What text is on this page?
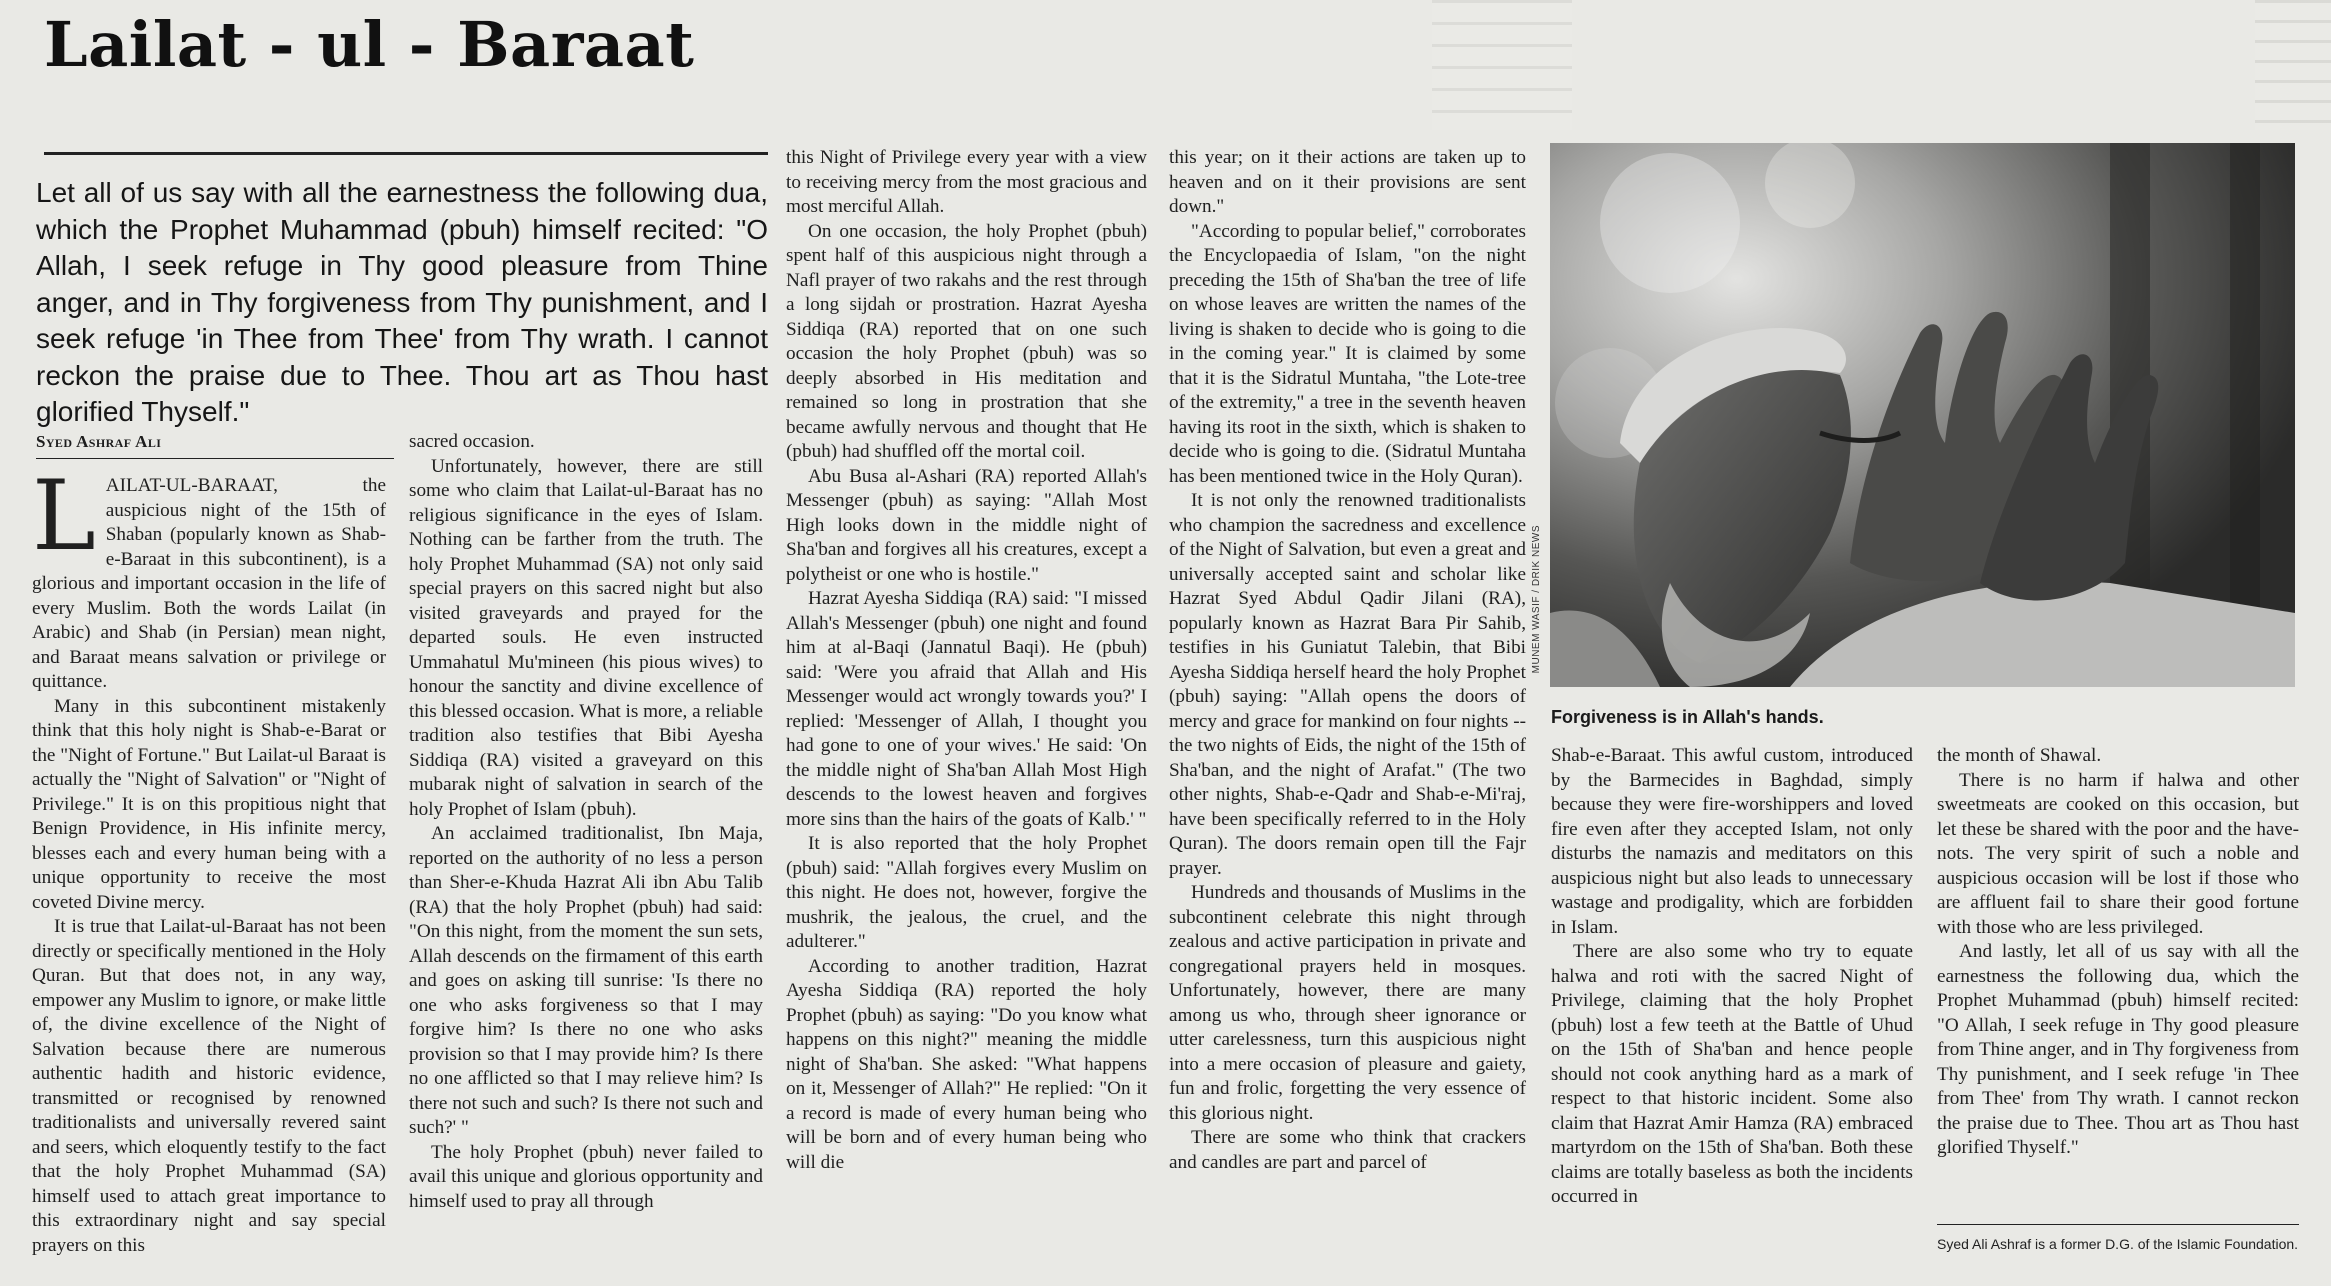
Lailat - ul - Baraat
Let all of us say with all the earnestness the following dua, which the Prophet Muhammad (pbuh) himself recited: "O Allah, I seek refuge in Thy good pleasure from Thine anger, and in Thy forgiveness from Thy punishment, and I seek refuge 'in Thee from Thee' from Thy wrath. I cannot reckon the praise due to Thee. Thou art as Thou hast glorified Thyself."
Syed Ashraf Ali

L AILAT-UL-BARAAT, the auspicious night of the 15th of Shaban (popularly known as Shab-e-Baraat in this subcontinent), is a glorious and important occasion in the life of every Muslim. Both the words Lailat (in Arabic) and Shab (in Persian) mean night, and Baraat means salvation or privilege or quittance.

Many in this subcontinent mistakenly think that this holy night is Shab-e-Barat or the "Night of Fortune." But Lailat-ul Baraat is actually the "Night of Salvation" or "Night of Privilege." It is on this propitious night that Benign Providence, in His infinite mercy, blesses each and every human being with a unique opportunity to receive the most coveted Divine mercy.

It is true that Lailat-ul-Baraat has not been directly or specifically mentioned in the Holy Quran. But that does not, in any way, empower any Muslim to ignore, or make little of, the divine excellence of the Night of Salvation because there are numerous authentic hadith and historic evidence, transmitted or recognised by renowned traditionalists and universally revered saint and seers, which eloquently testify to the fact that the holy Prophet Muhammad (SA) himself used to attach great importance to this extraordinary night and say special prayers on this

sacred occasion.

Unfortunately, however, there are still some who claim that Lailat-ul-Baraat has no religious significance in the eyes of Islam. Nothing can be farther from the truth. The holy Prophet Muhammad (SA) not only said special prayers on this sacred night but also visited graveyards and prayed for the departed souls. He even instructed Ummahatul Mu'mineen (his pious wives) to honour the sanctity and divine excellence of this blessed occasion. What is more, a reliable tradition also testifies that Bibi Ayesha Siddiqa (RA) visited a graveyard on this mubarak night of salvation in search of the holy Prophet of Islam (pbuh).

An acclaimed traditionalist, Ibn Maja, reported on the authority of no less a person than Sher-e-Khuda Hazrat Ali ibn Abu Talib (RA) that the holy Prophet (pbuh) had said: "On this night, from the moment the sun sets, Allah descends on the firmament of this earth and goes on asking till sunrise: 'Is there no one who asks forgiveness so that I may forgive him? Is there no one who asks provision so that I may provide him? Is there no one afflicted so that I may relieve him? Is there not such and such? Is there not such and such?' "

The holy Prophet (pbuh) never failed to avail this unique and glorious opportunity and himself used to pray all through

this Night of Privilege every year with a view to receiving mercy from the most gracious and most merciful Allah.

On one occasion, the holy Prophet (pbuh) spent half of this auspicious night through a Nafl prayer of two rakahs and the rest through a long sijdah or prostration. Hazrat Ayesha Siddiqa (RA) reported that on one such occasion the holy Prophet (pbuh) was so deeply absorbed in His meditation and remained so long in prostration that she became awfully nervous and thought that He (pbuh) had shuffled off the mortal coil.

Abu Busa al-Ashari (RA) reported Allah's Messenger (pbuh) as saying: "Allah Most High looks down in the middle night of Sha'ban and forgives all his creatures, except a polytheist or one who is hostile."

Hazrat Ayesha Siddiqa (RA) said: "I missed Allah's Messenger (pbuh) one night and found him at al-Baqi (Jannatul Baqi). He (pbuh) said: 'Were you afraid that Allah and His Messenger would act wrongly towards you?' I replied: 'Messenger of Allah, I thought you had gone to one of your wives.' He said: 'On the middle night of Sha'ban Allah Most High descends to the lowest heaven and forgives more sins than the hairs of the goats of Kalb.' "

It is also reported that the holy Prophet (pbuh) said: "Allah forgives every Muslim on this night. He does not, however, forgive the mushrik, the jealous, the cruel, and the adulterer."

According to another tradition, Hazrat Ayesha Siddiqa (RA) reported the holy Prophet (pbuh) as saying: "Do you know what happens on this night?" meaning the middle night of Sha'ban. She asked: "What happens on it, Messenger of Allah?" He replied: "On it a record is made of every human being who will be born and of every human being who will die

this year; on it their actions are taken up to heaven and on it their provisions are sent down."

"According to popular belief," corroborates the Encyclopaedia of Islam, "on the night preceding the 15th of Sha'ban the tree of life on whose leaves are written the names of the living is shaken to decide who is going to die in the coming year." It is claimed by some that it is the Sidratul Muntaha, "the Lote-tree of the extremity," a tree in the seventh heaven having its root in the sixth, which is shaken to decide who is going to die. (Sidratul Muntaha has been mentioned twice in the Holy Quran).

It is not only the renowned traditionalists who champion the sacredness and excellence of the Night of Salvation, but even a great and universally accepted saint and scholar like Hazrat Syed Abdul Qadir Jilani (RA), popularly known as Hazrat Bara Pir Sahib, testifies in his Guniatut Talebin, that Bibi Ayesha Siddiqa herself heard the holy Prophet (pbuh) saying: "Allah opens the doors of mercy and grace for mankind on four nights -- the two nights of Eids, the night of the 15th of Sha'ban, and the night of Arafat." (The two other nights, Shab-e-Qadr and Shab-e-Mi'raj, have been specifically referred to in the Holy Quran). The doors remain open till the Fajr prayer.

Hundreds and thousands of Muslims in the subcontinent celebrate this night through zealous and active participation in private and congregational prayers held in mosques. Unfortunately, however, there are many among us who, through sheer ignorance or utter carelessness, turn this auspicious night into a mere occasion of pleasure and gaiety, fun and frolic, forgetting the very essence of this glorious night.

There are some who think that crackers and candles are part and parcel of

MUNEM WASIF / DRIK NEWS
Forgiveness is in Allah's hands.

Shab-e-Baraat. This awful custom, introduced by the Barmecides in Baghdad, simply because they were fire-worshippers and loved fire even after they accepted Islam, not only disturbs the namazis and meditators on this auspicious night but also leads to unnecessary wastage and prodigality, which are forbidden in Islam.

There are also some who try to equate halwa and roti with the sacred Night of Privilege, claiming that the holy Prophet (pbuh) lost a few teeth at the Battle of Uhud on the 15th of Sha'ban and hence people should not cook anything hard as a mark of respect to that historic incident. Some also claim that Hazrat Amir Hamza (RA) embraced martyrdom on the 15th of Sha'ban. Both these claims are totally baseless as both the incidents occurred in

the month of Shawal.

There is no harm if halwa and other sweetmeats are cooked on this occasion, but let these be shared with the poor and the have-nots. The very spirit of such a noble and auspicious occasion will be lost if those who are affluent fail to share their good fortune with those who are less privileged.

And lastly, let all of us say with all the earnestness the following dua, which the Prophet Muhammad (pbuh) himself recited: "O Allah, I seek refuge in Thy good pleasure from Thine anger, and in Thy forgiveness from Thy punishment, and I seek refuge 'in Thee from Thee' from Thy wrath. I cannot reckon the praise due to Thee. Thou art as Thou hast glorified Thyself."

Syed Ali Ashraf is a former D.G. of the Islamic Foundation.
